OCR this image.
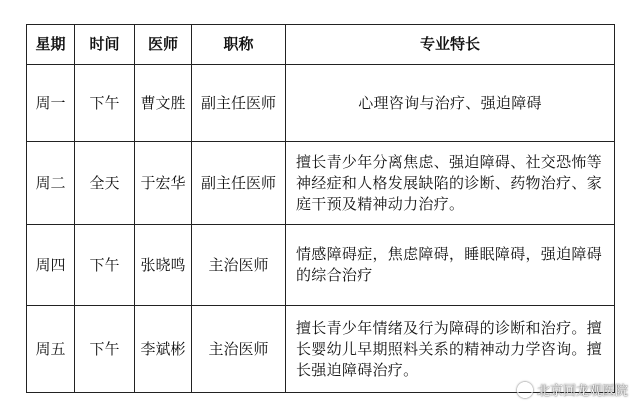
星期	时间	医师	职称	专业特长
周一	下午	曹文胜	副主任医师	心理咨询与治疗、强迫障碍
周二	全天	于宏华	副主任医师	擅长青少年分离焦虑、强迫障碍、社交恐怖等神经症和人格发展缺陷的诊断、药物治疗、家庭干预及精神动力治疗。
周四	下午	张晓鸣	主治医师	情感障碍症，焦虑障碍，睡眠障碍，强迫障碍的综合治疗
周五	下午	李斌彬	主治医师	擅长青少年情绪及行为障碍的诊断和治疗。擅长婴幼儿早期照料关系的精神动力学咨询。擅长强迫障碍治疗。
北京回龙观医院
